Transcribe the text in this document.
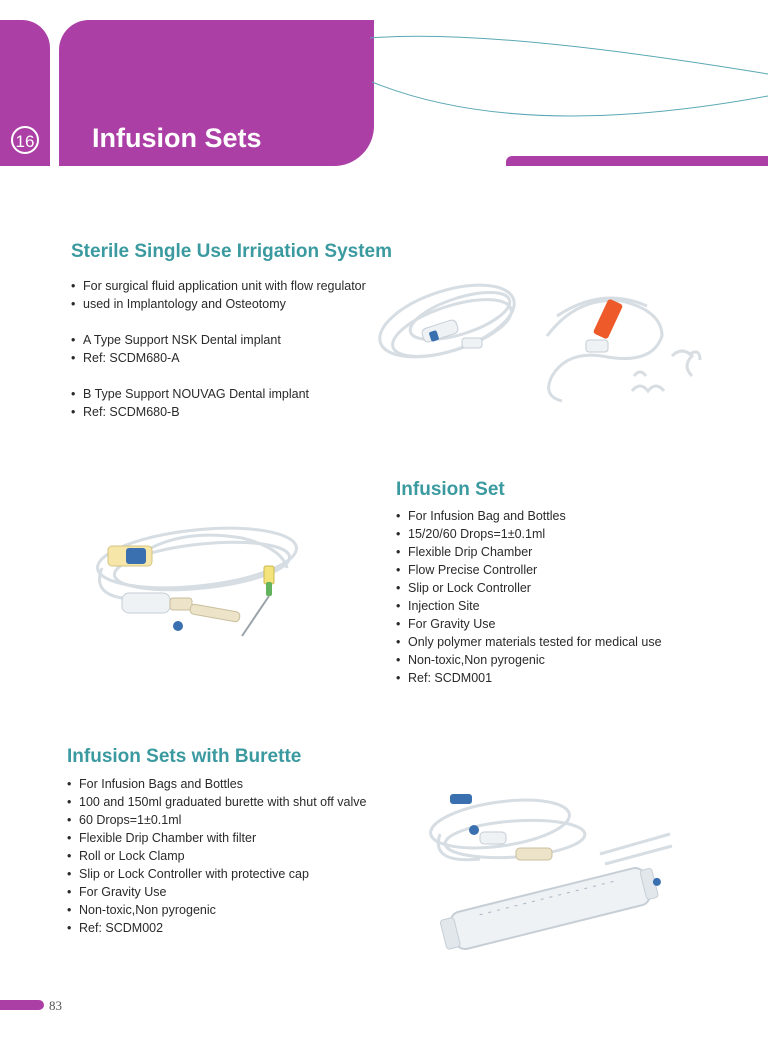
16 Infusion Sets
Sterile Single Use Irrigation System
• For surgical fluid application unit with flow regulator
• used in Implantology and Osteotomy
• A Type Support NSK Dental implant
• Ref: SCDM680-A
• B Type Support NOUVAG Dental implant
• Ref: SCDM680-B
Infusion Set
• For Infusion Bag and Bottles
• 15/20/60 Drops=1±0.1ml
• Flexible Drip Chamber
• Flow Precise Controller
• Slip or Lock Controller
• Injection Site
• For Gravity Use
• Only polymer materials tested for medical use
• Non-toxic,Non pyrogenic
• Ref: SCDM001
Infusion Sets with Burette
• For Infusion Bags and Bottles
• 100 and 150ml graduated burette with shut off valve
• 60 Drops=1±0.1ml
• Flexible Drip Chamber with filter
• Roll or Lock Clamp
• Slip or Lock Controller with protective cap
• For Gravity Use
• Non-toxic,Non pyrogenic
• Ref: SCDM002
83
